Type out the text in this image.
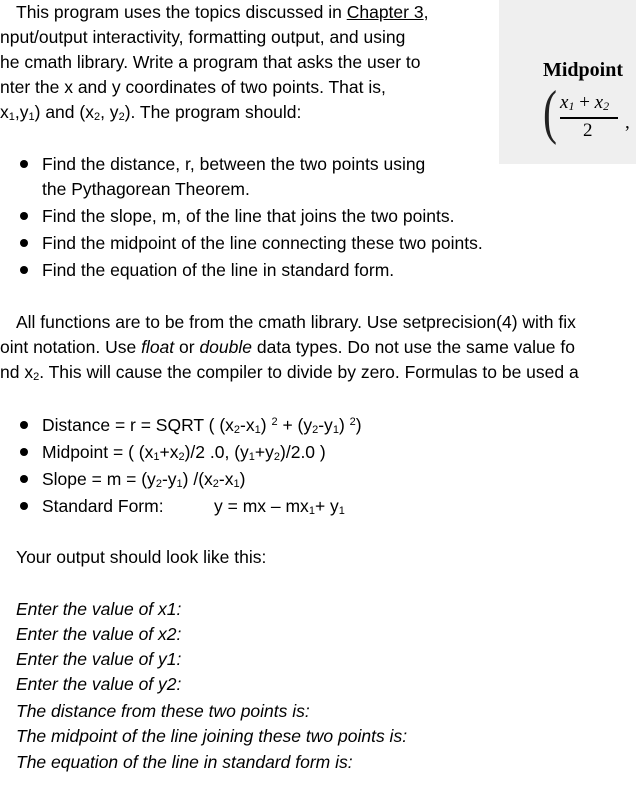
This program uses the topics discussed in Chapter 3,
nput/output interactivity, formatting output, and using
he cmath library. Write a program that asks the user to
nter the x and y coordinates of two points. That is,
$x_1,y_1$) and ($x_2$, $y_2$). The program should:
Midpoint
( $x_1 + x_2$
2 ,
Find the distance, r, between the two points using
the Pythagorean Theorem.
Find the slope, m, of the line that joins the two points.
Find the midpoint of the line connecting these two points.
Find the equation of the line in standard form.
All functions are to be from the cmath library. Use setprecision(4) with fix
oint notation. Use float or double data types. Do not use the same value fo
nd $x_2$. This will cause the compiler to divide by zero. Formulas to be used a
Distance = r = SQRT ( $(x_2-x_1) ^2 + (y_2-y_1)$ $^2$)
Midpoint = ( $(x_1+x_2)/2$ .0, $(y_1+y_2)/2.0$ )
Slope = $m = (y_2-y_1)$ $/(x_2-x_1)$
Standard Form:	y = mx – $mx_1+ y_1$
Your output should look like this:
Enter the value of x1:
Enter the value of x2:
Enter the value of y1:
Enter the value of y2:
The distance from these two points is:
The midpoint of the line joining these two points is:
The equation of the line in standard form is:
